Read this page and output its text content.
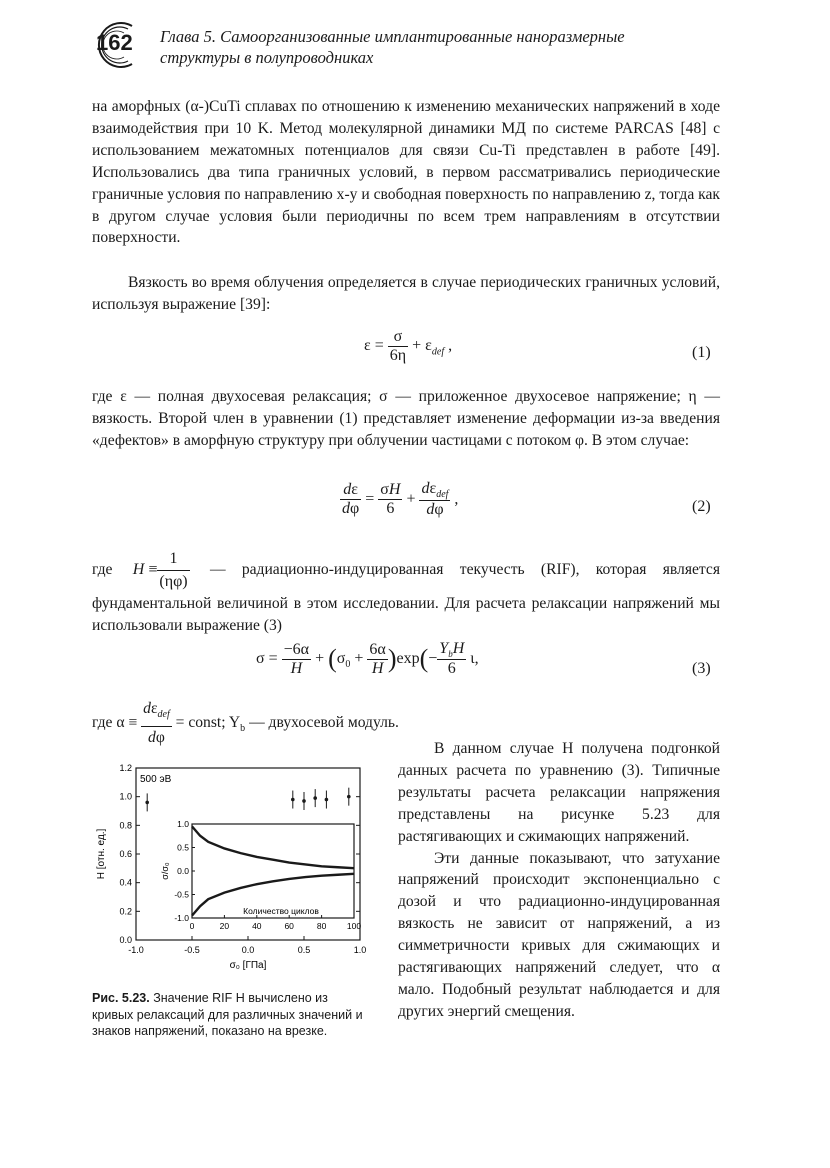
162 Глава 5. Самоорганизованные имплантированные наноразмерные
структуры в полупроводниках

на аморфных (α-)CuTi сплавах по отношению к изменению механических напряжений в ходе взаимодействия при 10 K. Метод молекулярной динамики МД по системе PARCAS [48] с использованием межатомных потенциалов для связи Cu-Ti представлен в работе [49]. Использовались два типа граничных условий, в первом рассматривались периодические граничные условия по направлению x-y и свободная поверхность по направлению z, тогда как в другом случае условия были периодичны по всем трем направлениям в отсутствии поверхности.

Вязкость во время облучения определяется в случае периодических граничных условий, используя выражение [39]:

$\varepsilon = \frac{\sigma}{6\eta} + \varepsilon_{def}$ ,	(1)

где ε — полная двухосевая релаксация; σ — приложенное двухосевое напряжение; η — вязкость. Второй член в уравнении (1) представляет изменение деформации из-за введения «дефектов» в аморфную структуру при облучении частицами с потоком φ. В этом случае:

$\frac{d\varepsilon}{d\varphi} = \frac{\sigma H}{6} + \frac{d\varepsilon_{def}}{d\varphi}$ ,	(2)
где $H \equiv \frac{1}{(\eta\varphi)}$ — радиационно-индуцированная текучесть (RIF), которая является фундаментальной величиной в этом исследовании. Для расчета релаксации напряжений мы использовали выражение (3)
$\sigma = \frac{-6\alpha}{H} + (\sigma_0 + \frac{6\alpha}{H} )\exp(- \frac{Y_bH}{6} \iota$,
(3)
где $\alpha \equiv \frac{d\varepsilon_{def}}{d\varphi}$ = const; $Y_b$ — двухосевой модуль.

В данном случае H получена подгонкой данных расчета по уравнению (3). Типичные результаты расчета релаксации напряжения представлены на рисунке 5.23 для растягивающих и сжимающих напряжений.

Эти данные показывают, что затухание напряжений происходит экспоненциально с дозой и что радиационно-индуцированная вязкость не зависит от напряжений, а из симметричности кривых для сжимающих и растягивающих напряжений следует, что α мало. Подобный результат наблюдается и для других энергий смещения.

-1.0	-0.5	0.0	0.5	1.0
0.0
0.2
0.4
0.6
0.8
1.0
1.2
σ₀ [ГПа]
H [отн. ед.]
500 эВ
0	20	40	60	80 100
-1.0
-0.5
0.0
0.5
1.0
σ/σ₀
Количество циклов
Рис. 5.23. Значение RIF H вычислено из кривых релаксаций для различных значений и знаков напряжений, показано на врезке.
